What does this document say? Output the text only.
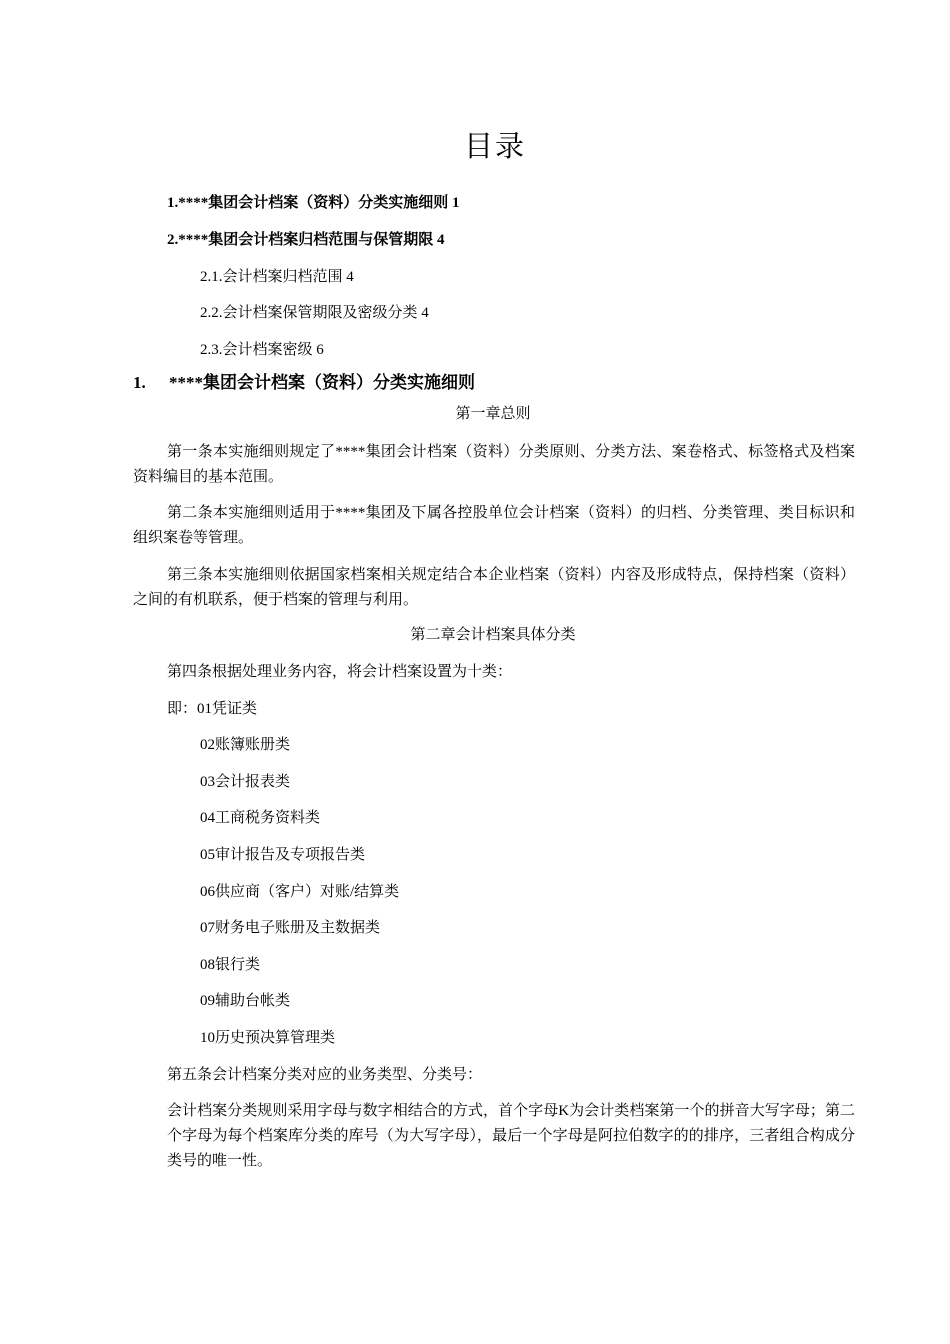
目录
1.****集团会计档案（资料）分类实施细则 1
2.****集团会计档案归档范围与保管期限 4
2.1.会计档案归档范围 4
2.2.会计档案保管期限及密级分类 4
2.3.会计档案密级 6
1. ****集团会计档案（资料）分类实施细则
第一章总则
第一条本实施细则规定了****集团会计档案（资料）分类原则、分类方法、案卷格式、标签格式及档案资料编目的基本范围。
第二条本实施细则适用于****集团及下属各控股单位会计档案（资料）的归档、分类管理、类目标识和组织案卷等管理。
第三条本实施细则依据国家档案相关规定结合本企业档案（资料）内容及形成特点，保持档案（资料）之间的有机联系，便于档案的管理与利用。
第二章会计档案具体分类
第四条根据处理业务内容，将会计档案设置为十类：
即：01凭证类
02账簿账册类
03会计报表类
04工商税务资料类
05审计报告及专项报告类
06供应商（客户）对账/结算类
07财务电子账册及主数据类
08银行类
09辅助台帐类
10历史预决算管理类
第五条会计档案分类对应的业务类型、分类号：
会计档案分类规则采用字母与数字相结合的方式，首个字母K为会计类档案第一个的拼音大写字母；第二个字母为每个档案库分类的库号（为大写字母），最后一个字母是阿拉伯数字的的排序，三者组合构成分类号的唯一性。
